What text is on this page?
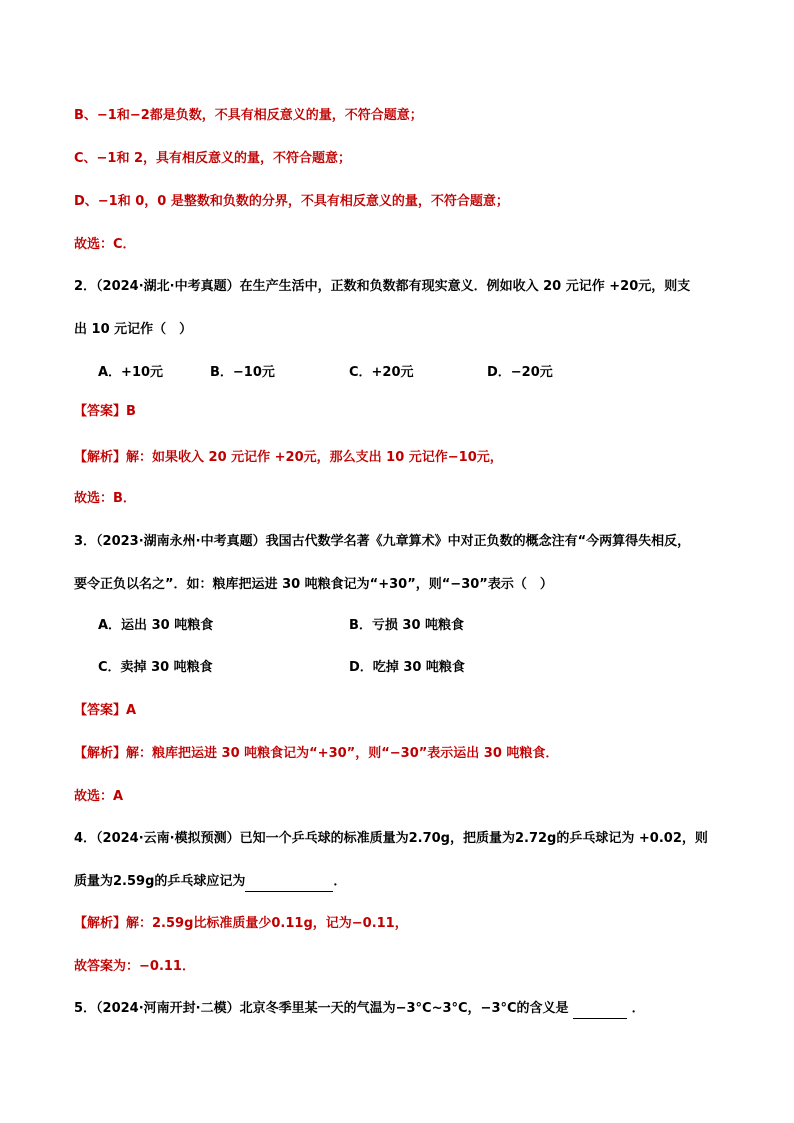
B、−1和−2都是负数，不具有相反意义的量，不符合题意；
C、−1和 2，具有相反意义的量，不符合题意；
D、−1和 0，0 是整数和负数的分界，不具有相反意义的量，不符合题意；
故选：C．
2．（2024·湖北·中考真题）在生产生活中，正数和负数都有现实意义．例如收入 20 元记作 +20元，则支
出 10 元记作（　）
A．+10元	B．−10元	C．+20元	D．−20元
【答案】B
【解析】解：如果收入 20 元记作 +20元，那么支出 10 元记作−10元，
故选：B．
3．（2023·湖南永州·中考真题）我国古代数学名著《九章算术》中对正负数的概念注有“今两算得失相反，
要令正负以名之”．如：粮库把运进 30 吨粮食记为“+30”，则“−30”表示（　）
A．运出 30 吨粮食	B．亏损 30 吨粮食
C．卖掉 30 吨粮食	D．吃掉 30 吨粮食
【答案】A
【解析】解：粮库把运进 30 吨粮食记为“+30”，则“−30”表示运出 30 吨粮食．
故选：A
4．（2024·云南·模拟预测）已知一个乒乓球的标准质量为2.70g，把质量为2.72g的乒乓球记为 +0.02，则
质量为2.59g的乒乓球应记为	．
【解析】解：2.59g比标准质量少0.11g，记为−0.11，
故答案为：−0.11．
5．（2024·河南开封·二模）北京冬季里某一天的气温为−3°C~3°C，−3°C的含义是	．
